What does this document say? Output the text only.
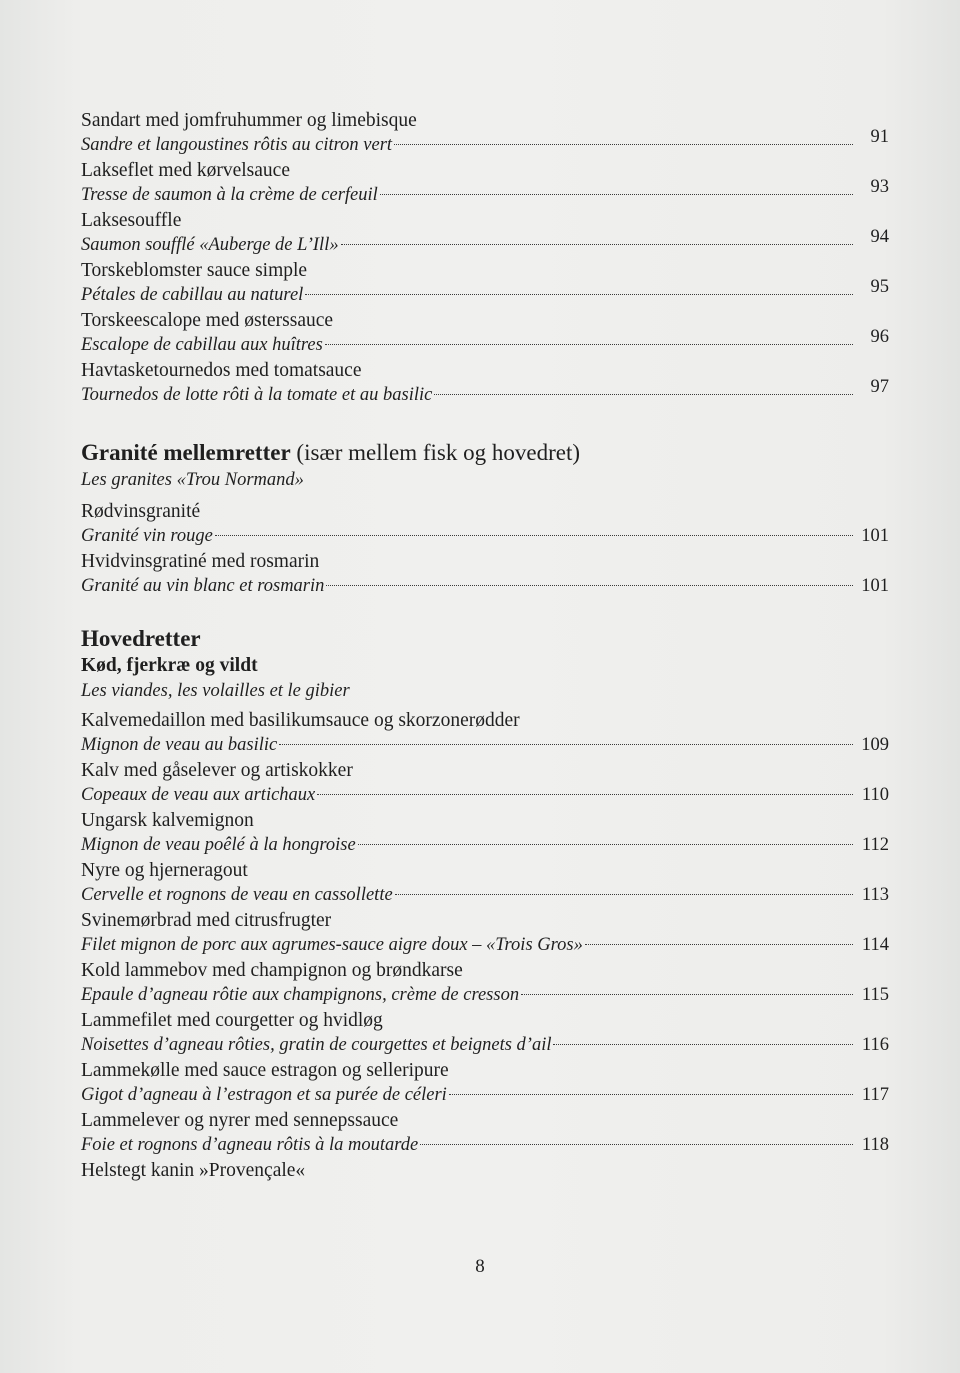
Sandart med jomfruhummer og limebisque
Sandre et langoustines rôtis au citron vert	91
Lakseflet med kørvelsauce
Tresse de saumon à la crème de cerfeuil	93
Laksesouffle
Saumon soufflé «Auberge de L’Ill»	94
Torskeblomster sauce simple
Pétales de cabillau au naturel	95
Torskeescalope med østerssauce
Escalope de cabillau aux huîtres	96
Havtasketournedos med tomatsauce
Tournedos de lotte rôti à la tomate et au basilic	97
Granité mellemretter (især mellem fisk og hovedret)
Les granites «Trou Normand»
Rødvinsgranité
Granité vin rouge	101
Hvidvinsgratiné med rosmarin
Granité au vin blanc et rosmarin	101
Hovedretter
Kød, fjerkræ og vildt
Les viandes, les volailles et le gibier
Kalvemedaillon med basilikumsauce og skorzonerødder
Mignon de veau au basilic	109
Kalv med gåselever og artiskokker
Copeaux de veau aux artichaux	110
Ungarsk kalvemignon
Mignon de veau poêlé à la hongroise	112
Nyre og hjerneragout
Cervelle et rognons de veau en cassollette	113
Svinemørbrad med citrusfrugter
Filet mignon de porc aux agrumes-sauce aigre doux – «Trois Gros»	114
Kold lammebov med champignon og brøndkarse
Epaule d’agneau rôtie aux champignons, crème de cresson	115
Lammefilet med courgetter og hvidløg
Noisettes d’agneau rôties, gratin de courgettes et beignets d’ail	116
Lammekølle med sauce estragon og selleripure
Gigot d’agneau à l’estragon et sa purée de céleri	117
Lammelever og nyrer med sennepssauce
Foie et rognons d’agneau rôtis à la moutarde	118
Helstegt kanin »Provençale«
8
